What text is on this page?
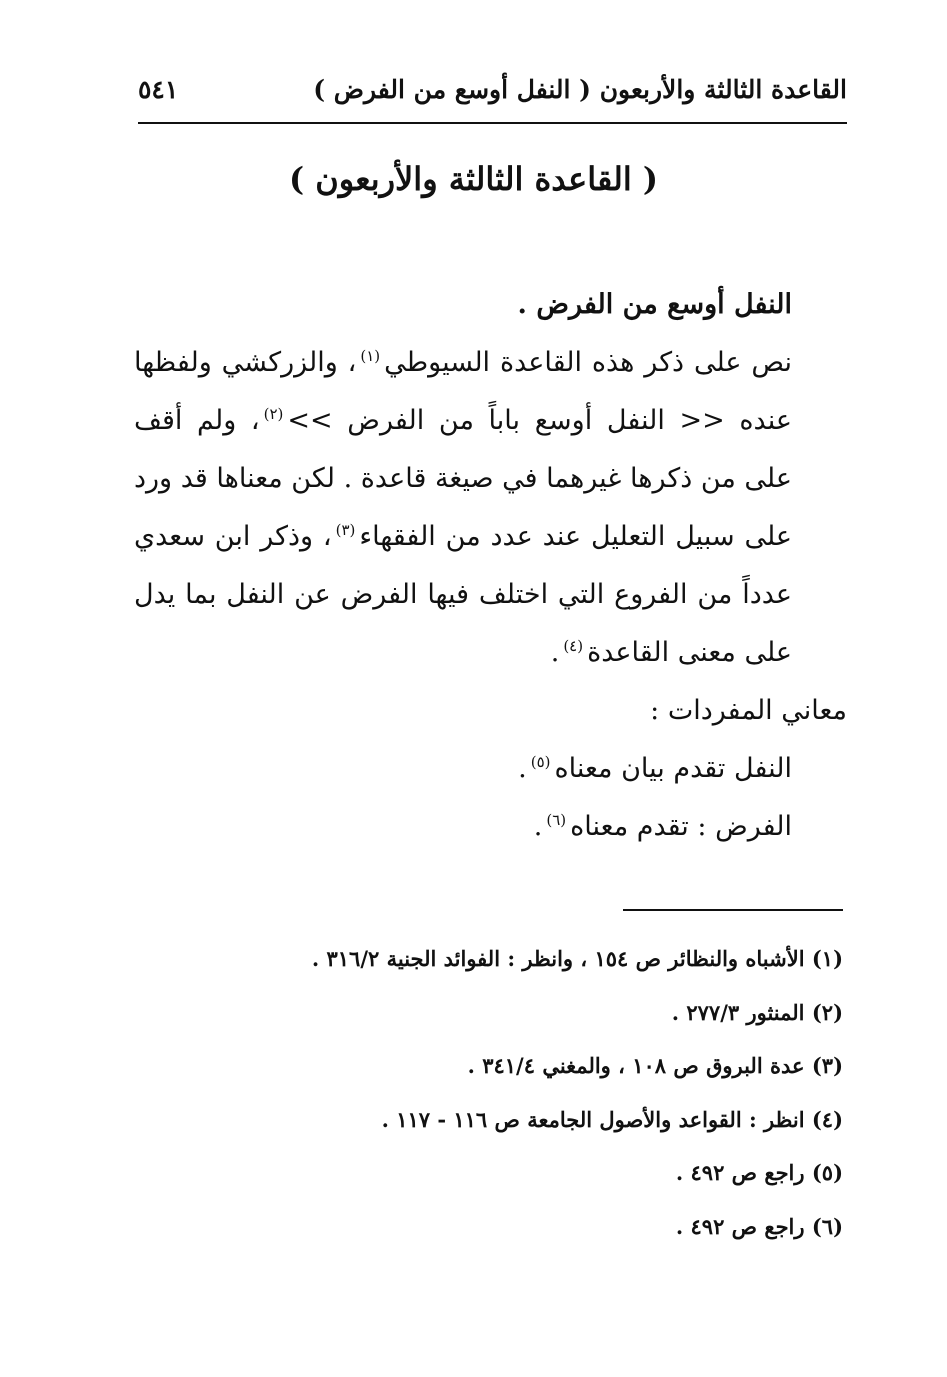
القاعدة الثالثة والأربعون ( النفل أوسع من الفرض )
٥٤١
( القاعدة الثالثة والأربعون )

النفل أوسع من الفرض .

نص على ذكر هذه القاعدة السيوطي$^{(١)}$، والزركشي ولفظها عنده << النفل أوسع باباً من الفرض >>$^{(٢)}$، ولم أقف على من ذكرها غيرهما في صيغة قاعدة . لكن معناها قد ورد على سبيل التعليل عند عدد من الفقهاء$^{(٣)}$، وذكر ابن سعدي عدداً من الفروع التي اختلف فيها الفرض عن النفل بما يدل على معنى القاعدة$^{(٤)}$.

معاني المفردات :

النفل تقدم بيان معناه$^{(٥)}$.

الفرض : تقدم معناه$^{(٦)}$.

(١) الأشباه والنظائر ص ١٥٤ ، وانظر : الفوائد الجنية ٣١٦/٢ .
(٢) المنثور ٢٧٧/٣ .
(٣) عدة البروق ص ١٠٨ ، والمغني ٣٤١/٤ .
(٤) انظر : القواعد والأصول الجامعة ص ١١٦ - ١١٧ .
(٥) راجع ص ٤٩٢ .
(٦) راجع ص ٤٩٢ .
